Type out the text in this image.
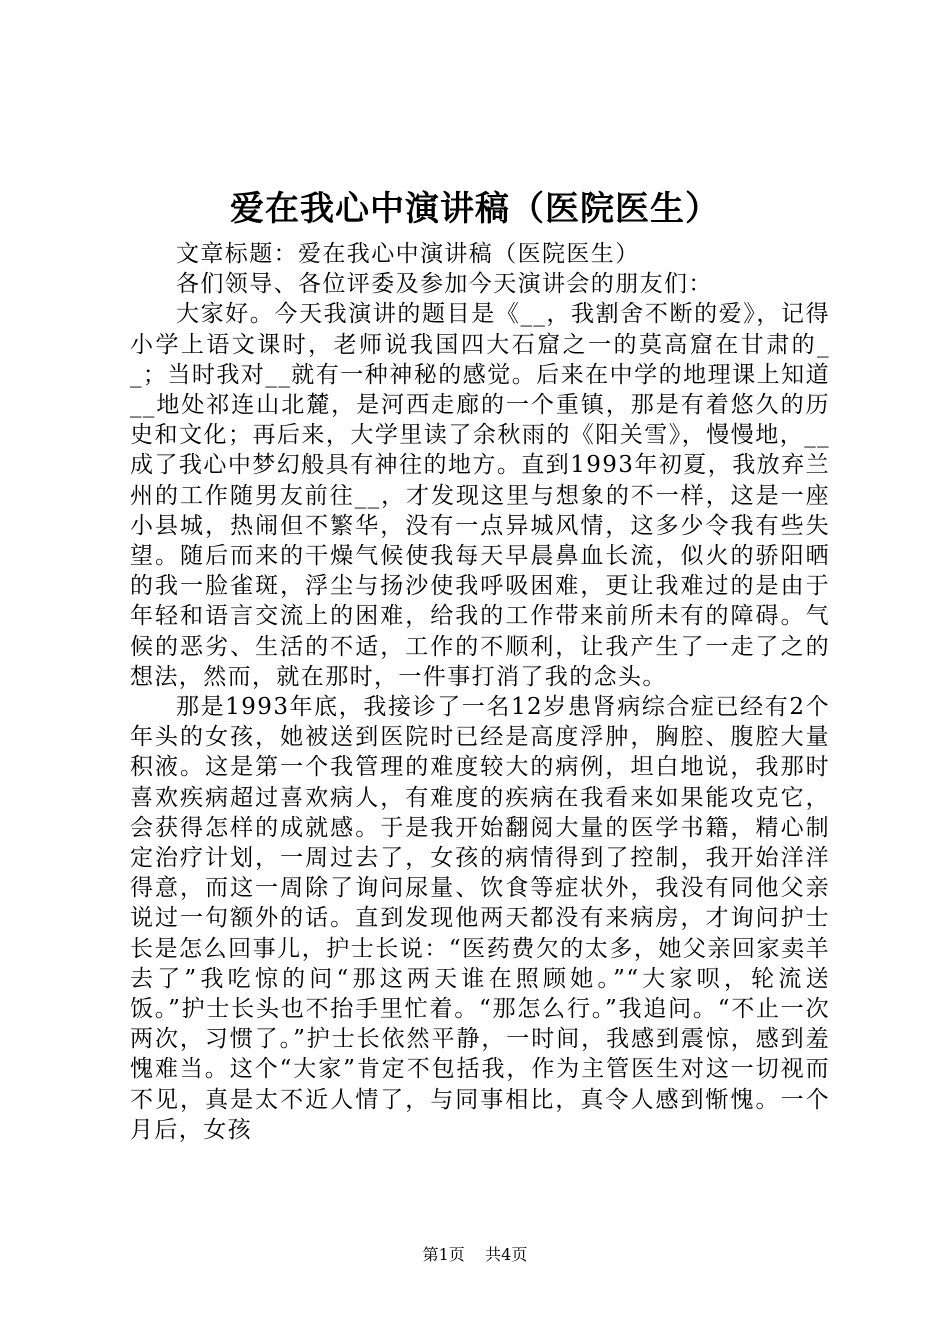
爱在我心中演讲稿（医院医生）

文章标题：爱在我心中演讲稿（医院医生）

各们领导、各位评委及参加今天演讲会的朋友们：

大家好。今天我演讲的题目是《__，我割舍不断的爱》，记得小学上语文课时，老师说我国四大石窟之一的莫高窟在甘肃的__；当时我对__就有一种神秘的感觉。后来在中学的地理课上知道__地处祁连山北麓，是河西走廊的一个重镇，那是有着悠久的历史和文化；再后来，大学里读了余秋雨的《阳关雪》，慢慢地，__成了我心中梦幻般具有神往的地方。直到1993年初夏，我放弃兰州的工作随男友前往__，才发现这里与想象的不一样，这是一座小县城，热闹但不繁华，没有一点异城风情，这多少令我有些失望。随后而来的干燥气候使我每天早晨鼻血长流，似火的骄阳晒的我一脸雀斑，浮尘与扬沙使我呼吸困难，更让我难过的是由于年轻和语言交流上的困难，给我的工作带来前所未有的障碍。气候的恶劣、生活的不适，工作的不顺利，让我产生了一走了之的想法，然而，就在那时，一件事打消了我的念头。

那是1993年底，我接诊了一名12岁患肾病综合症已经有2个年头的女孩，她被送到医院时已经是高度浮肿，胸腔、腹腔大量积液。这是第一个我管理的难度较大的病例，坦白地说，我那时喜欢疾病超过喜欢病人，有难度的疾病在我看来如果能攻克它，会获得怎样的成就感。于是我开始翻阅大量的医学书籍，精心制定治疗计划，一周过去了，女孩的病情得到了控制，我开始洋洋得意，而这一周除了询问尿量、饮食等症状外，我没有同他父亲说过一句额外的话。直到发现他两天都没有来病房，才询问护士长是怎么回事儿，护士长说：“医药费欠的太多，她父亲回家卖羊去了”我吃惊的问“那这两天谁在照顾她。”“大家呗，轮流送饭。”护士长头也不抬手里忙着。“那怎么行。”我追问。“不止一次两次，习惯了。”护士长依然平静，一时间，我感到震惊，感到羞愧难当。这个“大家”肯定不包括我，作为主管医生对这一切视而不见，真是太不近人情了，与同事相比，真令人感到惭愧。一个月后，女孩

第1页 共4页
